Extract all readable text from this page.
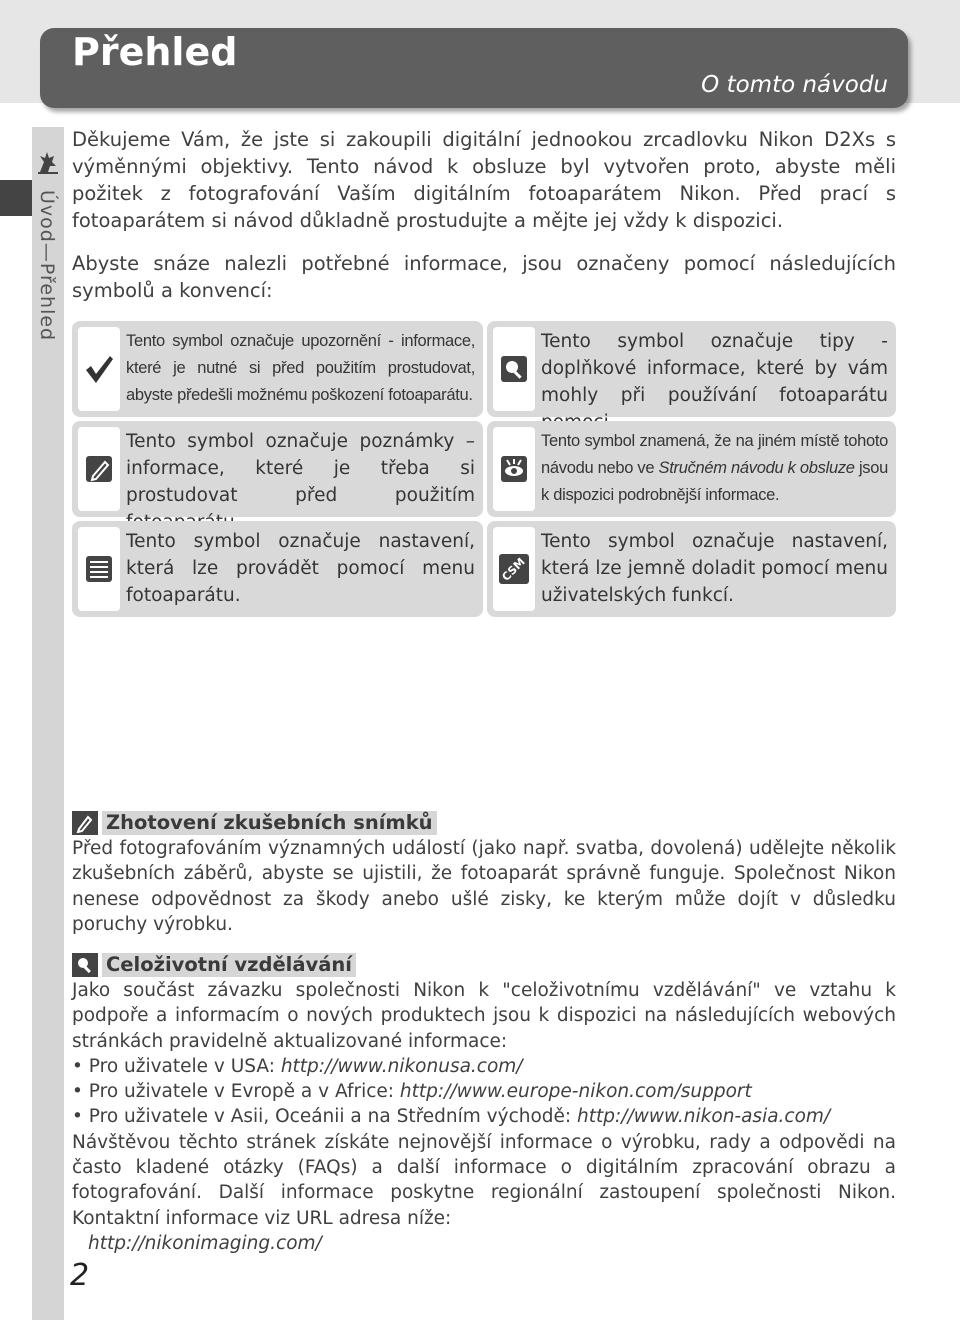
Přehled
O tomto návodu
Úvod—Přehled

Děkujeme Vám, že jste si zakoupili digitální jednookou zrcadlovku Nikon D2Xs s výměnnými objektivy. Tento návod k obsluze byl vytvořen proto, abyste měli požitek z fotografování Vaším digitálním fotoaparátem Nikon. Před prací s fotoaparátem si návod důkladně prostudujte a mějte jej vždy k dispozici.

Abyste snáze nalezli potřebné informace, jsou označeny pomocí následujících symbolů a konvencí:

Tento symbol označuje upozornění - informace, které je nutné si před použitím prostudovat, abyste předešli možnému poškození fotoaparátu.
Tento symbol označuje tipy - doplňkové informace, které by vám mohly při používání fotoaparátu
Tento symbol označuje poznámky – informace, které je třeba si prostudovat před použitím
Tento symbol znamená, že na jiném místě tohoto návodu nebo ve Stručném návodu k obsluze jsou k dispozici podrobnější informace.
Tento symbol označuje nastavení, která lze provádět pomocí menu fotoaparátu.
CSM
Tento symbol označuje nastavení, která lze jemně doladit pomocí menu uživatelských funkcí.
Zhotovení zkušebních snímků

Před fotografováním významných událostí (jako např. svatba, dovolená) udělejte několik zkušebních záběrů, abyste se ujistili, že fotoaparát správně funguje. Společnost Nikon nenese odpovědnost za škody anebo ušlé zisky, ke kterým může dojít v důsledku poruchy výrobku.

Celoživotní vzdělávání

Jako součást závazku společnosti Nikon k "celoživotnímu vzdělávání" ve vztahu k podpoře a informacím o nových produktech jsou k dispozici na následujících webových stránkách pravidelně aktualizované informace:

• Pro uživatele v USA: http://www.nikonusa.com/
• Pro uživatele v Evropě a v Africe: http://www.europe-nikon.com/support
• Pro uživatele v Asii, Oceánii a na Středním východě: http://www.nikon-asia.com/

Návštěvou těchto stránek získáte nejnovější informace o výrobku, rady a odpovědi na často kladené otázky (FAQs) a další informace o digitálním zpracování obrazu a fotografování. Další informace poskytne regionální zastoupení společnosti Nikon. Kontaktní informace viz URL adresa níže:

http://nikonimaging.com/

2
